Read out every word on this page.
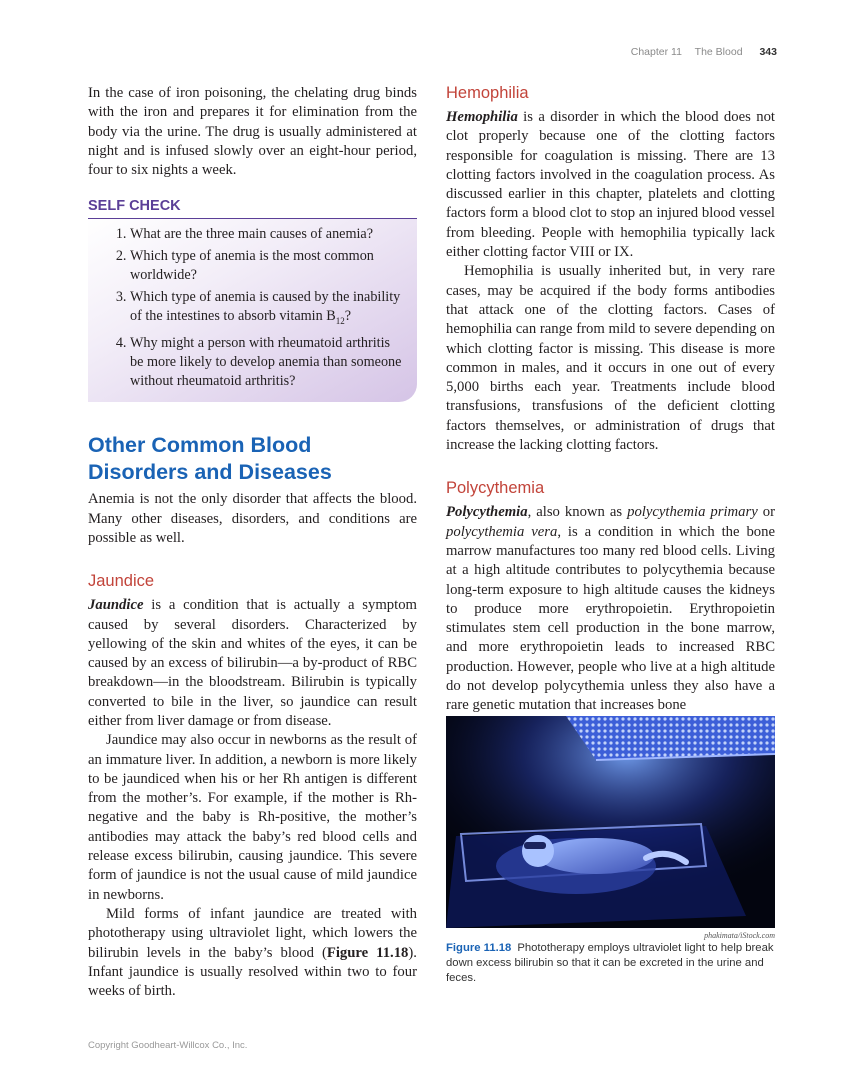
Chapter 11 The Blood 343

In the case of iron poisoning, the chelating drug binds with the iron and prepares it for elimination from the body via the urine. The drug is usually administered at night and is infused slowly over an eight-hour period, four to six nights a week.

SELF CHECK
1. What are the three main causes of anemia?
2. Which type of anemia is the most common worldwide?
3. Which type of anemia is caused by the inability of the intestines to absorb vitamin $B_{12}$?
4. Why might a person with rheumatoid arthritis be more likely to develop anemia than someone without rheumatoid arthritis?
Other Common Blood Disorders and Diseases

Anemia is not the only disorder that affects the blood. Many other diseases, disorders, and conditions are possible as well.

Jaundice

Jaundice is a condition that is actually a symptom caused by several disorders. Characterized by yellowing of the skin and whites of the eyes, it can be caused by an excess of bilirubin—a by-product of RBC breakdown—in the bloodstream. Bilirubin is typically converted to bile in the liver, so jaundice can result either from liver damage or from disease.

Jaundice may also occur in newborns as the result of an immature liver. In addition, a newborn is more likely to be jaundiced when his or her Rh antigen is different from the mother’s. For example, if the mother is Rh-negative and the baby is Rh-positive, the mother’s antibodies may attack the baby’s red blood cells and release excess bilirubin, causing jaundice. This severe form of jaundice is not the usual cause of mild jaundice in newborns.

Mild forms of infant jaundice are treated with phototherapy using ultraviolet light, which lowers the bilirubin levels in the baby’s blood (Figure 11.18). Infant jaundice is usually resolved within two to four weeks of birth.

Hemophilia

Hemophilia is a disorder in which the blood does not clot properly because one of the clotting factors responsible for coagulation is missing. There are 13 clotting factors involved in the coagulation process. As discussed earlier in this chapter, platelets and clotting factors form a blood clot to stop an injured blood vessel from bleeding. People with hemophilia typically lack either clotting factor VIII or IX.

Hemophilia is usually inherited but, in very rare cases, may be acquired if the body forms antibodies that attack one of the clotting factors. Cases of hemophilia can range from mild to severe depending on which clotting factor is missing. This disease is more common in males, and it occurs in one out of every 5,000 births each year. Treatments include blood transfusions, transfusions of the deficient clotting factors themselves, or administration of drugs that increase the lacking clotting factors.

Polycythemia

Polycythemia, also known as polycythemia primary or polycythemia vera, is a condition in which the bone marrow manufactures too many red blood cells. Living at a high altitude contributes to polycythemia because long-term exposure to high altitude causes the kidneys to produce more erythropoietin. Erythropoietin stimulates stem cell production in the bone marrow, and more erythropoietin leads to increased RBC production. However, people who live at a high altitude do not develop polycythemia unless they also have a rare genetic mutation that increases bone

phakimata/iStock.com
Figure 11.18 Phototherapy employs ultraviolet light to help break down excess bilirubin so that it can be excreted in the urine and feces.
Copyright Goodheart-Willcox Co., Inc.
